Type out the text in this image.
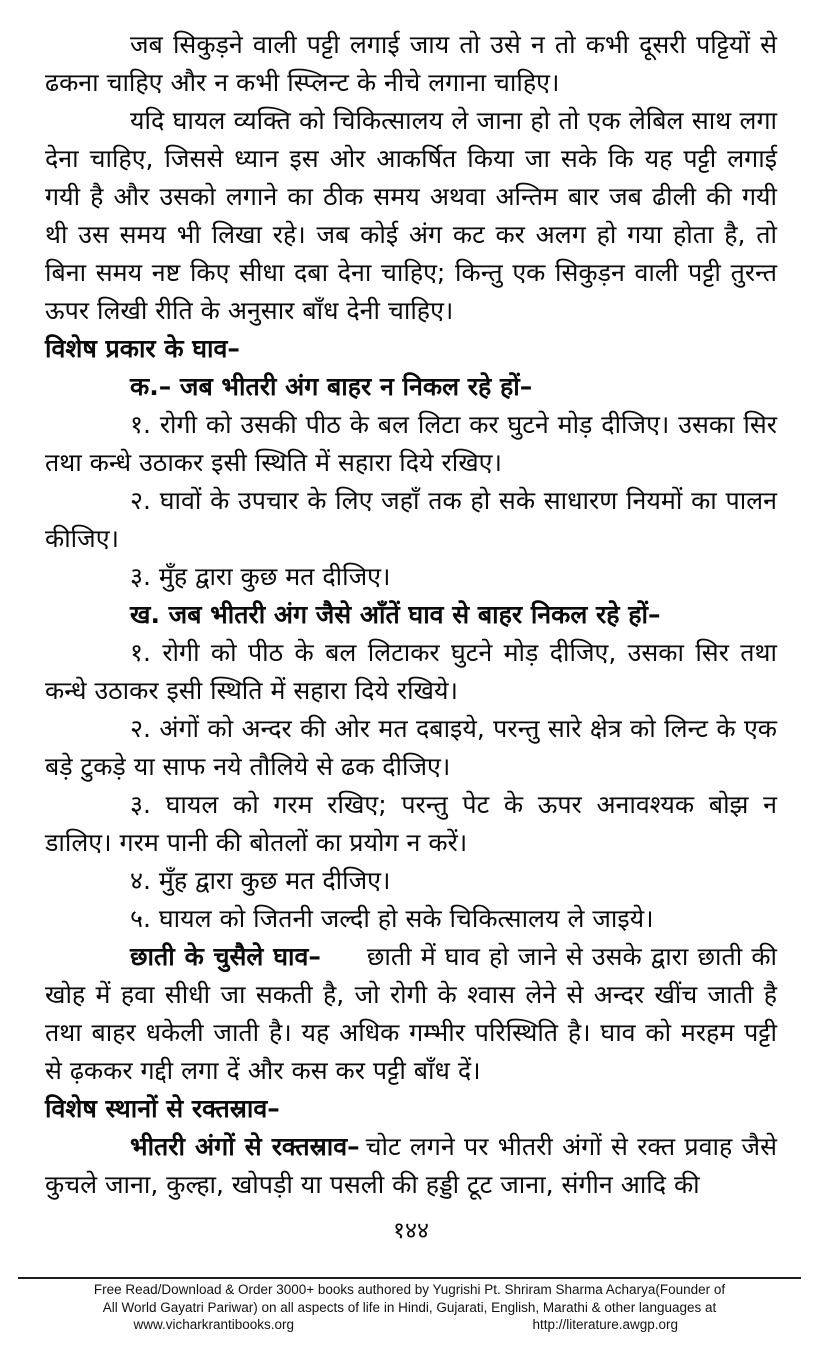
जब सिकुड़ने वाली पट्टी लगाई जाय तो उसे न तो कभी दूसरी पट्टियों से ढकना चाहिए और न कभी स्प्लिन्ट के नीचे लगाना चाहिए।

यदि घायल व्यक्ति को चिकित्सालय ले जाना हो तो एक लेबिल साथ लगा देना चाहिए, जिससे ध्यान इस ओर आकर्षित किया जा सके कि यह पट्टी लगाई गयी है और उसको लगाने का ठीक समय अथवा अन्तिम बार जब ढीली की गयी थी उस समय भी लिखा रहे। जब कोई अंग कट कर अलग हो गया होता है, तो बिना समय नष्ट किए सीधा दबा देना चाहिए; किन्तु एक सिकुड़न वाली पट्टी तुरन्त ऊपर लिखी रीति के अनुसार बाँध देनी चाहिए।

विशेष प्रकार के घाव–

क.– जब भीतरी अंग बाहर न निकल रहे हों–

१. रोगी को उसकी पीठ के बल लिटा कर घुटने मोड़ दीजिए। उसका सिर तथा कन्धे उठाकर इसी स्थिति में सहारा दिये रखिए।

२. घावों के उपचार के लिए जहाँ तक हो सके साधारण नियमों का पालन कीजिए।

३. मुँह द्वारा कुछ मत दीजिए।

ख. जब भीतरी अंग जैसे आँतें घाव से बाहर निकल रहे हों–

१. रोगी को पीठ के बल लिटाकर घुटने मोड़ दीजिए, उसका सिर तथा कन्धे उठाकर इसी स्थिति में सहारा दिये रखिये।

२. अंगों को अन्दर की ओर मत दबाइये, परन्तु सारे क्षेत्र को लिन्ट के एक बड़े टुकड़े या साफ नये तौलिये से ढक दीजिए।

३. घायल को गरम रखिए; परन्तु पेट के ऊपर अनावश्यक बोझ न डालिए। गरम पानी की बोतलों का प्रयोग न करें।

४. मुँह द्वारा कुछ मत दीजिए।

५. घायल को जितनी जल्दी हो सके चिकित्सालय ले जाइये।

छाती के चुसैले घाव– छाती में घाव हो जाने से उसके द्वारा छाती की खोह में हवा सीधी जा सकती है, जो रोगी के श्वास लेने से अन्दर खींच जाती है तथा बाहर धकेली जाती है। यह अधिक गम्भीर परिस्थिति है। घाव को मरहम पट्टी से ढ़ककर गद्दी लगा दें और कस कर पट्टी बाँध दें।

विशेष स्थानों से रक्तस्राव–

भीतरी अंगों से रक्तस्राव– चोट लगने पर भीतरी अंगों से रक्त प्रवाह जैसे कुचले जाना, कुल्हा, खोपड़ी या पसली की हड्डी टूट जाना, संगीन आदि की

१४४
Free Read/Download & Order 3000+ books authored by Yugrishi Pt. Shriram Sharma Acharya(Founder of
All World Gayatri Pariwar) on all aspects of life in Hindi, Gujarati, English, Marathi & other languages at
www.vicharkrantibooks.org	http://literature.awgp.org
